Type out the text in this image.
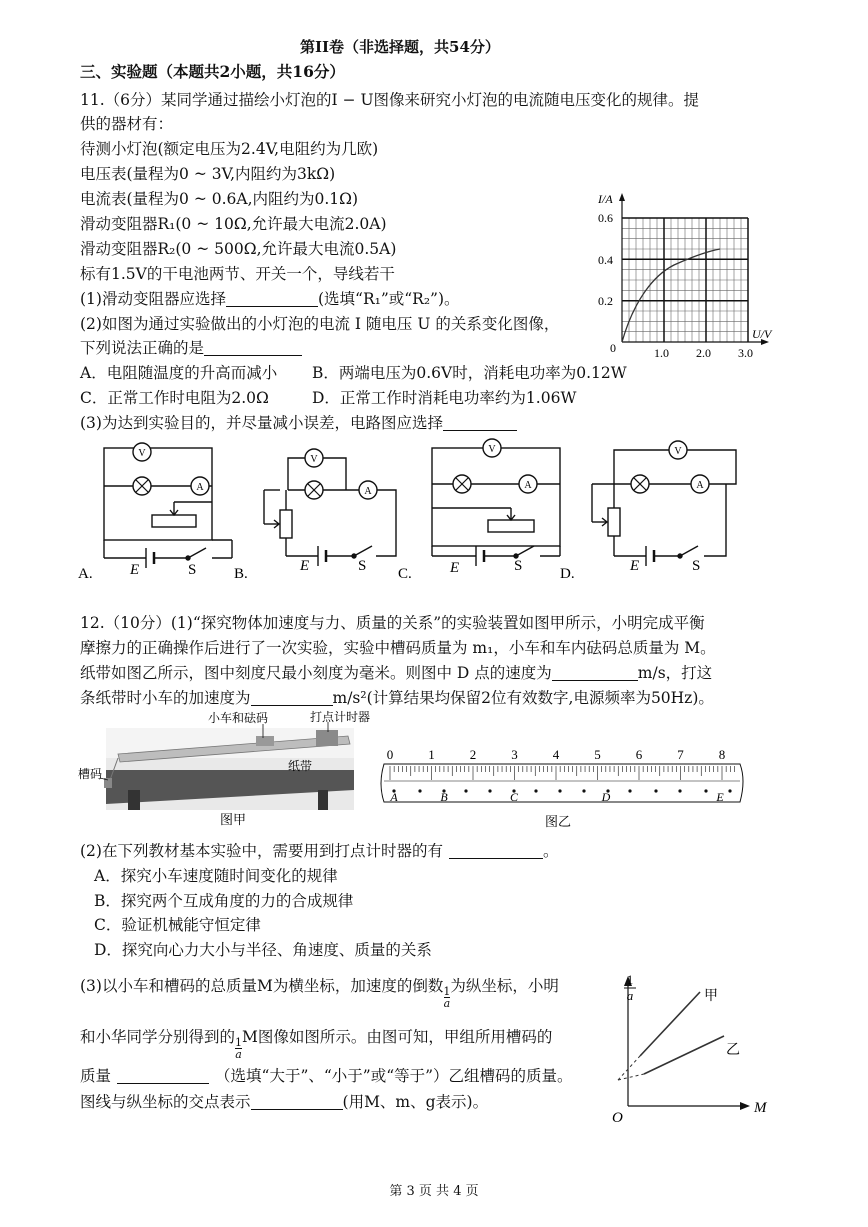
第II卷（非选择题，共54分）
三、实验题（本题共2小题，共16分）
11.（6分）某同学通过描绘小灯泡的I − U图像来研究小灯泡的电流随电压变化的规律。提
供的器材有：
待测小灯泡(额定电压为2.4V,电阻约为几欧)
电压表(量程为0 ~ 3V,内阻约为3kΩ)
电流表(量程为0 ~ 0.6A,内阻约为0.1Ω)
滑动变阻器R₁(0 ~ 10Ω,允许最大电流2.0A)
滑动变阻器R₂(0 ~ 500Ω,允许最大电流0.5A)
标有1.5V的干电池两节、开关一个，导线若干
(1)滑动变阻器应选择	(选填“R₁”或“R₂”)。
(2)如图为通过实验做出的小灯泡的电流 I 随电压 U 的关系变化图像，
下列说法正确的是
A．电阻随温度的升高而减小 B．两端电压为0.6V时，消耗电功率为0.12W
C．正常工作时电阻为2.0Ω	D．正常工作时消耗电功率约为1.06W
(3)为达到实验目的，并尽量减小误差，电路图应选择
I/A
U/V
0
0.2
0.4
0.6
1.0 2.0 3.0
V
A
V
A
V
A
V
A
E	E	E	E
S	S	S	S
A.	B.	C.	D.
12.（10分）(1)“探究物体加速度与力、质量的关系”的实验装置如图甲所示，小明完成平衡
摩擦力的正确操作后进行了一次实验，实验中槽码质量为 m₁，小车和车内砝码总质量为 M。
纸带如图乙所示，图中刻度尺最小刻度为毫米。则图中 D 点的速度为	m/s，打这
条纸带时小车的加速度为	m/s²(计算结果均保留2位有效数字,电源频率为50Hz)。
小车和砝码	打点计时器
纸带
槽码
图甲
0	1	2	3	4	5	6	7	8
A	B	C	D	E
图乙
(2)在下列教材基本实验中，需要用到打点计时器的有	。
A．探究小车速度随时间变化的规律
B．探究两个互成角度的力的合成规律
C．验证机械能守恒定律
D．探究向心力大小与半径、角速度、质量的关系
(3)以小车和槽码的总质量M为横坐标，加速度的倒数 $\frac{1}{a}$ 为纵坐标，小明
和小华同学分别得到的 $\frac{1}{a}$ M图像如图所示。由图可知，甲组所用槽码的
质量	（选填“大于”、“小于”或“等于”）乙组槽码的质量。
图线与纵坐标的交点表示	(用M、m、g表示)。
1
a
M
O
甲
乙
第 3 页 共 4 页
